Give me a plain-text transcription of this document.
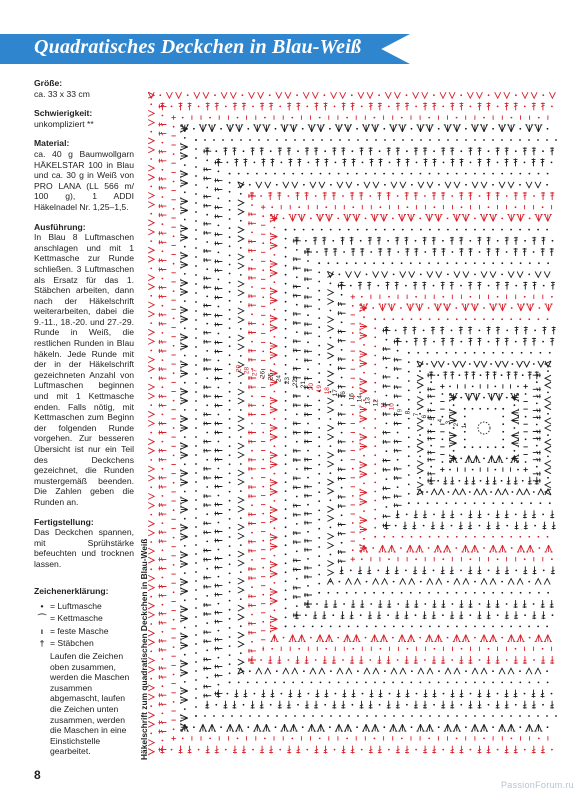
Quadratisches Deckchen in Blau-Weiß
Größe:
ca. 33 x 33 cm
Schwierigkeit:
unkompliziert **
Material:
ca. 40 g Baumwollgarn HÄKELSTAR 100 in Blau und ca. 30 g in Weiß von PRO LANA (LL 566 m/ 100 g), 1 ADDI Häkelnadel Nr. 1,25–1,5.
Ausführung:
In Blau 8 Luftmaschen anschlagen und mit 1 Kettmasche zur Runde schließen. 3 Luftmaschen als Ersatz für das 1. Stäbchen arbeiten, dann nach der Häkelschrift weiterarbeiten, dabei die 9.-11., 18.-20. und 27.-29. Runde in Weiß, die restlichen Runden in Blau häkeln. Jede Runde mit der in der Häkelschrift gezeichneten Anzahl von Luftmaschen beginnen und mit 1 Kettmasche enden. Falls nötig, mit Kettmaschen zum Beginn der folgenden Runde vorgehen. Zur besseren Übersicht ist nur ein Teil des Deckchens gezeichnet, die Runden mustergemäß beenden. Die Zahlen geben die Runden an.
Fertigstellung:
Das Deckchen spannen, mit Sprühstärke befeuchten und trocknen lassen.
Zeichenerklärung:
• = Luftmasche
⌒ = Kettmasche
ı = feste Masche
† = Stäbchen
Laufen die Zeichen oben zusammen, werden die Maschen zusammen abgemascht, laufen die Zeichen unten zusammen, werden die Maschen in eine Einstichstelle gearbeitet.	Häkelschrift zum quadratischen Deckchen in Blau-Weiß
1
2
3
4
5
6
7
8
9
10
11
12
13
14
15
16
17
18
19
20
21
22
23
24
25
26
27
28
29
8
PassionForum.ru
